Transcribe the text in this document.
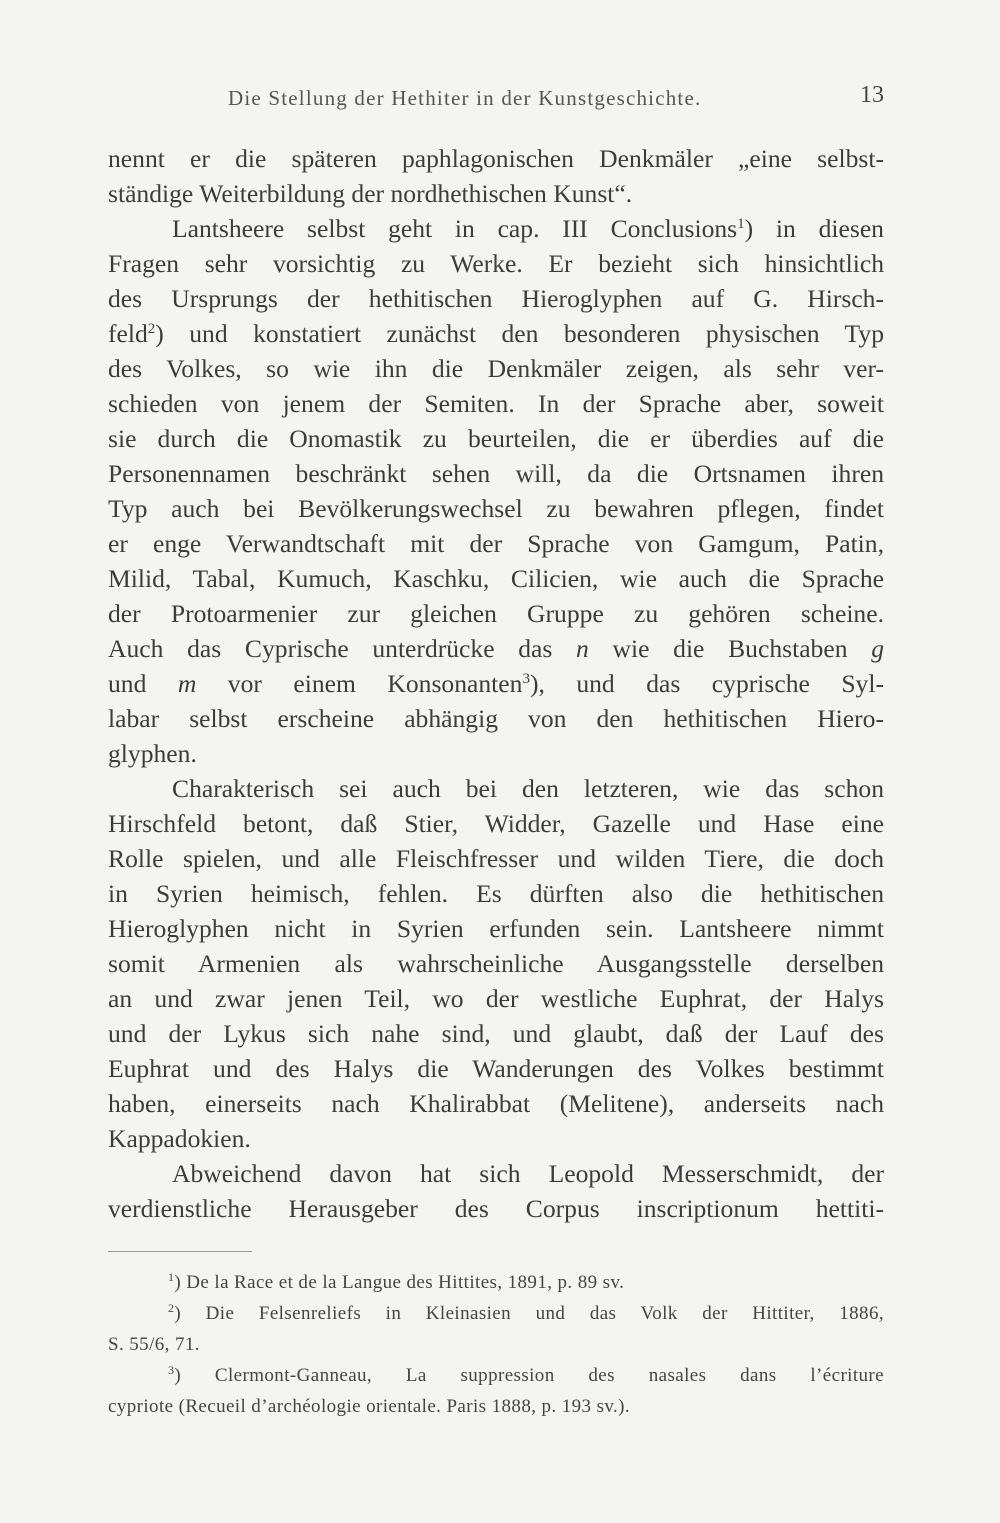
Die Stellung der Hethiter in der Kunstgeschichte.	13
nennt er die späteren paphlagonischen Denkmäler „eine selbst-
ständige Weiterbildung der nordhethischen Kunst“.
Lantsheere selbst geht in cap. III Conclusions$^1$) in diesen
Fragen sehr vorsichtig zu Werke. Er bezieht sich hinsichtlich
des Ursprungs der hethitischen Hieroglyphen auf G. Hirsch-
feld$^2$) und konstatiert zunächst den besonderen physischen Typ
des Volkes, so wie ihn die Denkmäler zeigen, als sehr ver-
schieden von jenem der Semiten. In der Sprache aber, soweit
sie durch die Onomastik zu beurteilen, die er überdies auf die
Personennamen beschränkt sehen will, da die Ortsnamen ihren
Typ auch bei Bevölkerungswechsel zu bewahren pflegen, findet
er enge Verwandtschaft mit der Sprache von Gamgum, Patin,
Milid, Tabal, Kumuch, Kaschku, Cilicien, wie auch die Sprache
der Protoarmenier zur gleichen Gruppe zu gehören scheine.
Auch das Cyprische unterdrücke das n wie die Buchstaben g
und m vor einem Konsonanten$^3$), und das cyprische Syl-
labar selbst erscheine abhängig von den hethitischen Hiero-
glyphen.
Charakterisch sei auch bei den letzteren, wie das schon
Hirschfeld betont, daß Stier, Widder, Gazelle und Hase eine
Rolle spielen, und alle Fleischfresser und wilden Tiere, die doch
in Syrien heimisch, fehlen. Es dürften also die hethitischen
Hieroglyphen nicht in Syrien erfunden sein. Lantsheere nimmt
somit Armenien als wahrscheinliche Ausgangsstelle derselben
an und zwar jenen Teil, wo der westliche Euphrat, der Halys
und der Lykus sich nahe sind, und glaubt, daß der Lauf des
Euphrat und des Halys die Wanderungen des Volkes bestimmt
haben, einerseits nach Khalirabbat (Melitene), anderseits nach
Kappadokien.
Abweichend davon hat sich Leopold Messerschmidt, der
verdienstliche Herausgeber des Corpus inscriptionum hettiti-
$^1$) De la Race et de la Langue des Hittites, 1891, p. 89 sv.
$^2$) Die Felsenreliefs in Kleinasien und das Volk der Hittiter, 1886,
S. 55/6, 71.
$^3$) Clermont-Ganneau, La suppression des nasales dans l’écriture
cypriote (Recueil d’archéologie orientale. Paris 1888, p. 193 sv.).
